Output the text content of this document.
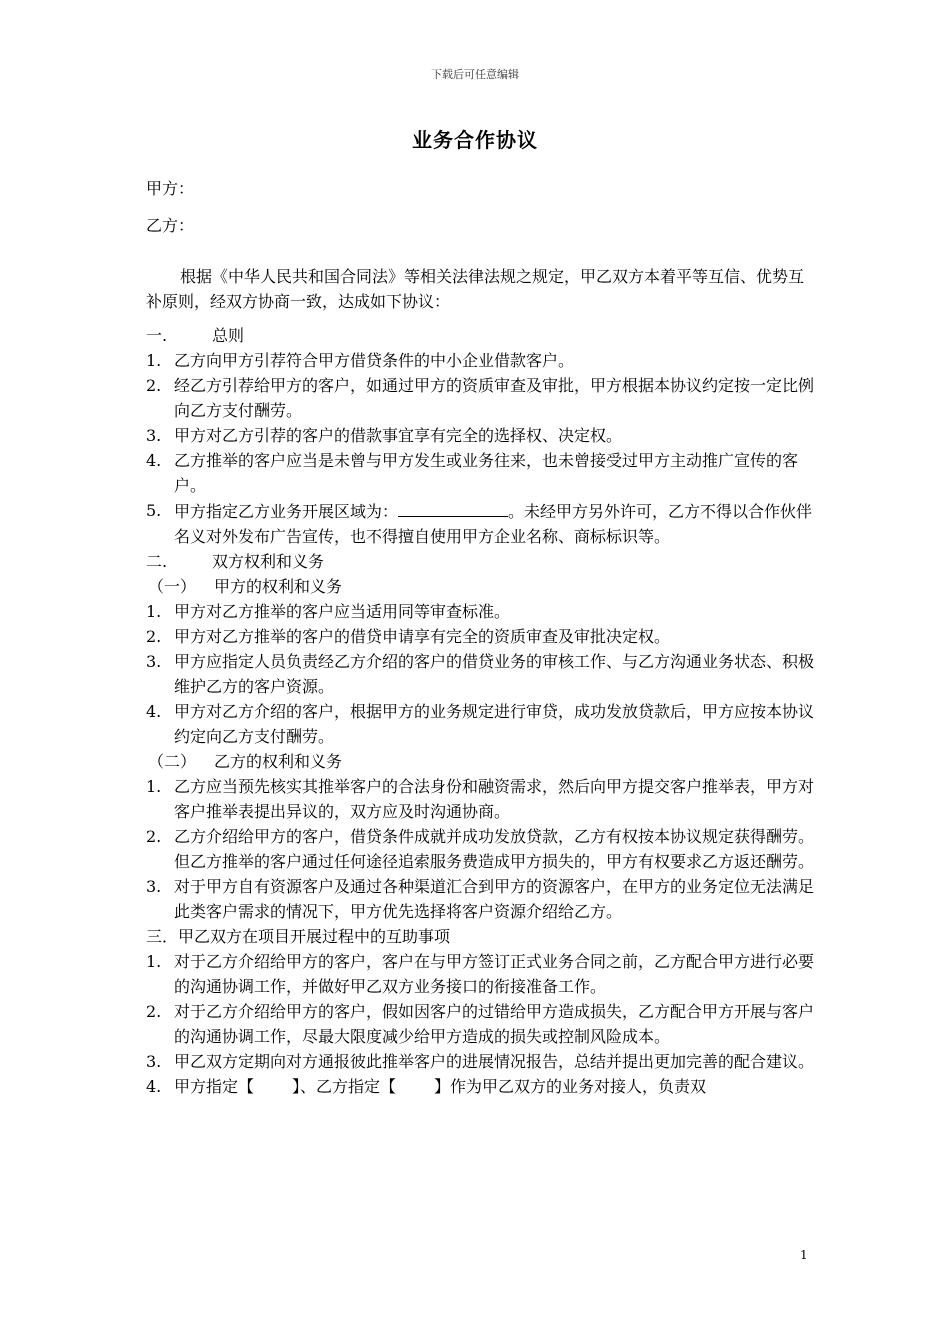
下载后可任意编辑
业务合作协议
甲方：
乙方：
根据《中华人民共和国合同法》等相关法律法规之规定，甲乙双方本着平等互信、优势互补原则，经双方协商一致，达成如下协议：
一.	总则
1. 乙方向甲方引荐符合甲方借贷条件的中小企业借款客户。
2. 经乙方引荐给甲方的客户，如通过甲方的资质审查及审批，甲方根据本协议约定按一定比例向乙方支付酬劳。
3. 甲方对乙方引荐的客户的借款事宜享有完全的选择权、决定权。
4. 乙方推举的客户应当是未曾与甲方发生或业务往来，也未曾接受过甲方主动推广宣传的客户。
5. 甲方指定乙方业务开展区域为：	。未经甲方另外许可，乙方不得以合作伙伴名义对外发布广告宣传，也不得擅自使用甲方企业名称、商标标识等。
二.	双方权利和义务
（一） 甲方的权利和义务
1. 甲方对乙方推举的客户应当适用同等审查标准。
2. 甲方对乙方推举的客户的借贷申请享有完全的资质审查及审批决定权。
3. 甲方应指定人员负责经乙方介绍的客户的借贷业务的审核工作、与乙方沟通业务状态、积极维护乙方的客户资源。
4. 甲方对乙方介绍的客户，根据甲方的业务规定进行审贷，成功发放贷款后，甲方应按本协议约定向乙方支付酬劳。
（二） 乙方的权利和义务
1. 乙方应当预先核实其推举客户的合法身份和融资需求，然后向甲方提交客户推举表，甲方对客户推举表提出异议的，双方应及时沟通协商。
2. 乙方介绍给甲方的客户，借贷条件成就并成功发放贷款，乙方有权按本协议规定获得酬劳。但乙方推举的客户通过任何途径追索服务费造成甲方损失的，甲方有权要求乙方返还酬劳。
3. 对于甲方自有资源客户及通过各种渠道汇合到甲方的资源客户，在甲方的业务定位无法满足此类客户需求的情况下，甲方优先选择将客户资源介绍给乙方。
三．甲乙双方在项目开展过程中的互助事项
1. 对于乙方介绍给甲方的客户，客户在与甲方签订正式业务合同之前，乙方配合甲方进行必要的沟通协调工作，并做好甲乙双方业务接口的衔接准备工作。
2. 对于乙方介绍给甲方的客户，假如因客户的过错给甲方造成损失，乙方配合甲方开展与客户的沟通协调工作，尽最大限度减少给甲方造成的损失或控制风险成本。
3. 甲乙双方定期向对方通报彼此推举客户的进展情况报告，总结并提出更加完善的配合建议。
4. 甲方指定【 】、乙方指定【 】作为甲乙双方的业务对接人，负责双
1
